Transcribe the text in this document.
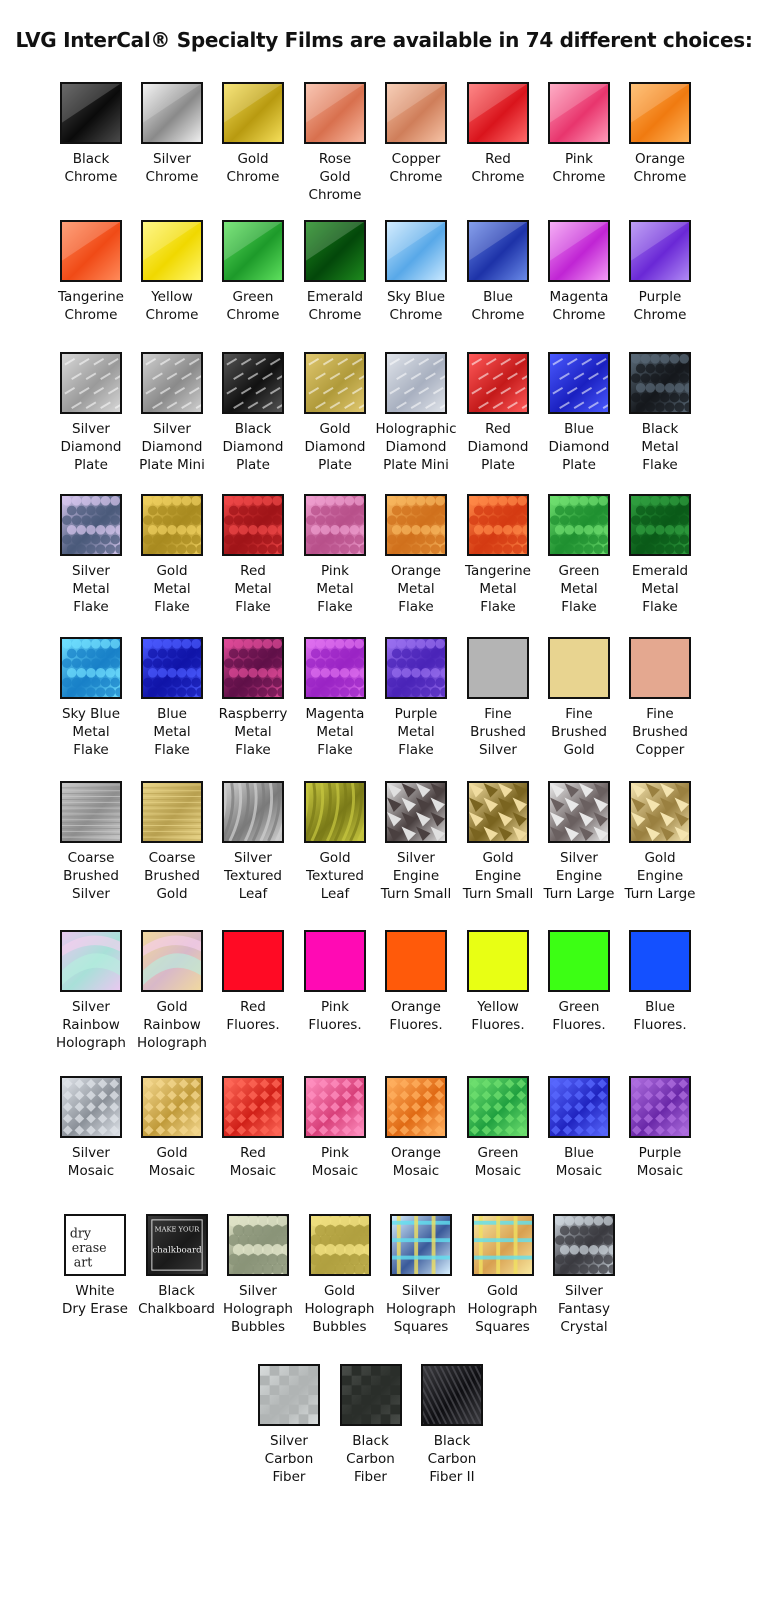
LVG InterCal® Specialty Films are available in 74 different choices:
Black
Chrome
Silver
Chrome
Gold
Chrome
Rose
Gold
Chrome
Copper
Chrome
Red
Chrome
Pink
Chrome
Orange
Chrome
Tangerine
Chrome
Yellow
Chrome
Green
Chrome
Emerald
Chrome
Sky Blue
Chrome
Blue
Chrome
Magenta
Chrome
Purple
Chrome
Silver
Diamond
Plate
Silver
Diamond
Plate Mini
Black
Diamond
Plate
Gold
Diamond
Plate
Holographic
Diamond
Plate Mini
Red
Diamond
Plate
Blue
Diamond
Plate
Black
Metal
Flake
Silver
Metal
Flake
Gold
Metal
Flake
Red
Metal
Flake
Pink
Metal
Flake
Orange
Metal
Flake
Tangerine
Metal
Flake
Green
Metal
Flake
Emerald
Metal
Flake
Sky Blue
Metal
Flake
Blue
Metal
Flake
Raspberry
Metal
Flake
Magenta
Metal
Flake
Purple
Metal
Flake
Fine
Brushed
Silver
Fine
Brushed
Gold
Fine
Brushed
Copper
Coarse
Brushed
Silver
Coarse
Brushed
Gold
Silver
Textured
Leaf
Gold
Textured
Leaf
Silver
Engine
Turn Small
Gold
Engine
Turn Small
Silver
Engine
Turn Large
Gold
Engine
Turn Large
Silver
Rainbow
Holograph
Gold
Rainbow
Holograph
Red
Fluores.
Pink
Fluores.
Orange
Fluores.
Yellow
Fluores.
Green
Fluores.
Blue
Fluores.
Silver
Mosaic
Gold
Mosaic
Red
Mosaic
Pink
Mosaic
Orange
Mosaic
Green
Mosaic
Blue
Mosaic
Purple
Mosaic
dry erase art
White
Dry Erase
MAKE YOUR
chalkboard
Black
Chalkboard
Silver
Holograph
Bubbles
Gold
Holograph
Bubbles
Silver
Holograph
Squares
Gold
Holograph
Squares
Silver
Fantasy
Crystal
Silver
Carbon
Fiber
Black
Carbon
Fiber
Black
Carbon
Fiber II
